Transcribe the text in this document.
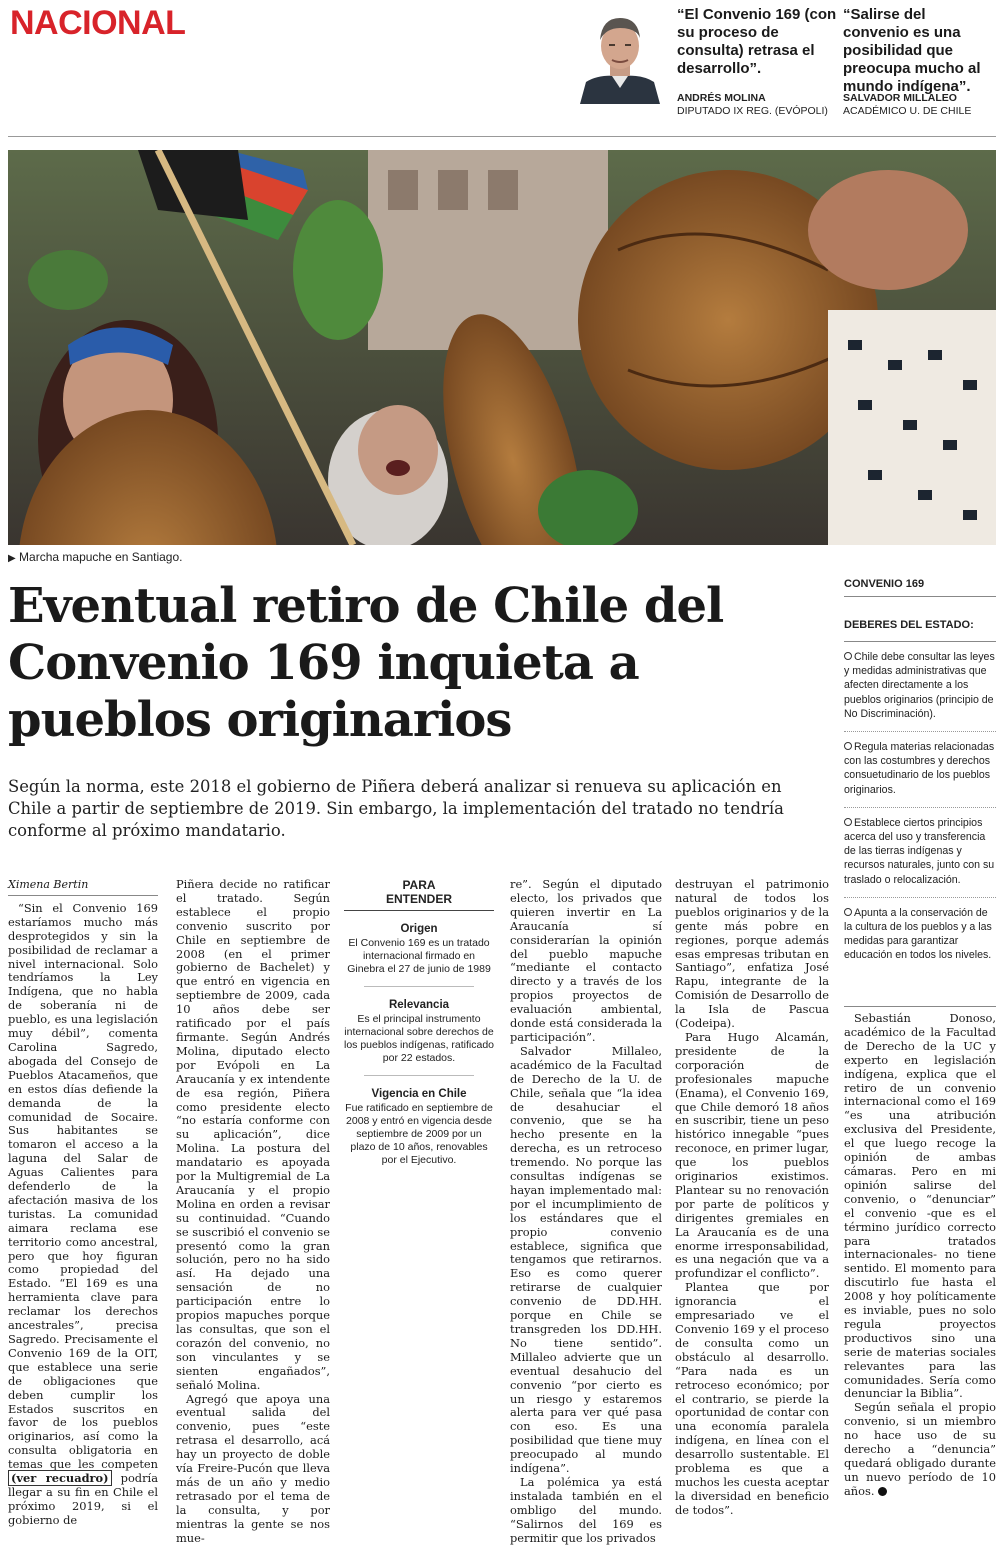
NACIONAL	“El Convenio 169 (con su proceso de consulta) retrasa el desarrollo”.
ANDRÉS MOLINA
DIPUTADO IX REG. (EVÓPOLI)
“Salirse del convenio es una posibilidad que preocupa mucho al mundo indígena”.
SALVADOR MILLALEO
ACADÉMICO U. DE CHILE
▶ Marcha mapuche en Santiago.
Eventual retiro de Chile del Convenio 169 inquieta a pueblos originarios
Según la norma, este 2018 el gobierno de Piñera deberá analizar si renueva su aplicación en Chile a partir de septiembre de 2019. Sin embargo, la implementación del tratado no tendría conforme al próximo mandatario.
Ximena Bertin

“Sin el Convenio 169 estaríamos mucho más desprotegidos y sin la posibilidad de reclamar a nivel internacional. Solo tendríamos la Ley Indígena, que no habla de soberanía ni de pueblo, es una legislación muy débil”, comenta Carolina Sagredo, abogada del Consejo de Pueblos Atacameños, que en estos días defiende la demanda de la comunidad de Socaire. Sus habitantes se tomaron el acceso a la laguna del Salar de Aguas Calientes para defenderlo de la afectación masiva de los turistas. La comunidad aimara reclama ese territorio como ancestral, pero que hoy figuran como propiedad del Estado. “El 169 es una herramienta clave para reclamar los derechos ancestrales”, precisa Sagredo. Precisamente el Convenio 169 de la OIT, que establece una serie de obligaciones que deben cumplir los Estados suscritos en favor de los pueblos originarios, así como la consulta obligatoria en temas que les competen (ver recuadro) podría llegar a su fin en Chile el próximo 2019, si el gobierno de

Piñera decide no ratificar el tratado. Según establece el propio convenio suscrito por Chile en septiembre de 2008 (en el primer gobierno de Bachelet) y que entró en vigencia en septiembre de 2009, cada 10 años debe ser ratificado por el país firmante. Según Andrés Molina, diputado electo por Evópoli en La Araucanía y ex intendente de esa región, Piñera como presidente electo “no estaría conforme con su aplicación”, dice Molina. La postura del mandatario es apoyada por la Multigremial de La Araucanía y el propio Molina en orden a revisar su continuidad. “Cuando se suscribió el convenio se presentó como la gran solución, pero no ha sido así. Ha dejado una sensación de no participación entre lo propios mapuches porque las consultas, que son el corazón del convenio, no son vinculantes y se sienten engañados”, señaló Molina.

Agregó que apoya una eventual salida del convenio, pues “este retrasa el desarrollo, acá hay un proyecto de doble vía Freire-Pucón que lleva más de un año y medio retrasado por el tema de la consulta, y por mientras la gente se nos mue-

PARA
ENTENDER
Origen
El Convenio 169 es un tratado internacional firmado en Ginebra el 27 de junio de 1989
Relevancia
Es el principal instrumento internacional sobre derechos de los pueblos indígenas, ratificado por 22 estados.
Vigencia en Chile
Fue ratificado en septiembre de 2008 y entró en vigencia desde septiembre de 2009 por un plazo de 10 años, renovables por el Ejecutivo.

re”. Según el diputado electo, los privados que quieren invertir en La Araucanía sí considerarían la opinión del pueblo mapuche “mediante el contacto directo y a través de los propios proyectos de evaluación ambiental, donde está considerada la participación”.

Salvador Millaleo, académico de la Facultad de Derecho de la U. de Chile, señala que “la idea de desahuciar el convenio, que se ha hecho presente en la derecha, es un retroceso tremendo. No porque las consultas indígenas se hayan implementado mal: por el incumplimiento de los estándares que el propio convenio establece, significa que tengamos que retirarnos. Eso es como querer retirarse de cualquier convenio de DD.HH. porque en Chile se transgreden los DD.HH. No tiene sentido”. Millaleo advierte que un eventual desahucio del convenio “por cierto es un riesgo y estaremos alerta para ver qué pasa con eso. Es una posibilidad que tiene muy preocupado al mundo indígena”.

La polémica ya está instalada también en el ombligo del mundo. “Salirnos del 169 es permitir que los privados

destruyan el patrimonio natural de todos los pueblos originarios y de la gente más pobre en regiones, porque además esas empresas tributan en Santiago”, enfatiza José Rapu, integrante de la Comisión de Desarrollo de la Isla de Pascua (Codeipa).

Para Hugo Alcamán, presidente de la corporación de profesionales mapuche (Enama), el Convenio 169, que Chile demoró 18 años en suscribir, tiene un peso histórico innegable “pues reconoce, en primer lugar, que los pueblos originarios existimos. Plantear su no renovación por parte de políticos y dirigentes gremiales en La Araucanía es de una enorme irresponsabilidad, es una negación que va a profundizar el conflicto”.

Plantea que por ignorancia el empresariado ve el Convenio 169 y el proceso de consulta como un obstáculo al desarrollo. “Para nada es un retroceso económico; por el contrario, se pierde la oportunidad de contar con una economía paralela indígena, en línea con el desarrollo sustentable. El problema es que a muchos les cuesta aceptar la diversidad en beneficio de todos”.

CONVENIO 169
DEBERES DEL ESTADO:
Chile debe consultar las leyes y medidas administrativas que afecten directamente a los pueblos originarios (principio de No Discriminación).
Regula materias relacionadas con las costumbres y derechos consuetudinario de los pueblos originarios.
Establece ciertos principios acerca del uso y transferencia de las tierras indígenas y recursos naturales, junto con su traslado o relocalización.
Apunta a la conservación de la cultura de los pueblos y a las medidas para garantizar educación en todos los niveles.

Sebastián Donoso, académico de la Facultad de Derecho de la UC y experto en legislación indígena, explica que el retiro de un convenio internacional como el 169 “es una atribución exclusiva del Presidente, el que luego recoge la opinión de ambas cámaras. Pero en mi opinión salirse del convenio, o “denunciar” el convenio -que es el término jurídico correcto para tratados internacionales- no tiene sentido. El momento para discutirlo fue hasta el 2008 y hoy políticamente es inviable, pues no solo regula proyectos productivos sino una serie de materias sociales relevantes para las comunidades. Sería como denunciar la Biblia”.

Según señala el propio convenio, si un miembro no hace uso de su derecho a “denuncia” quedará obligado durante un nuevo período de 10 años.
